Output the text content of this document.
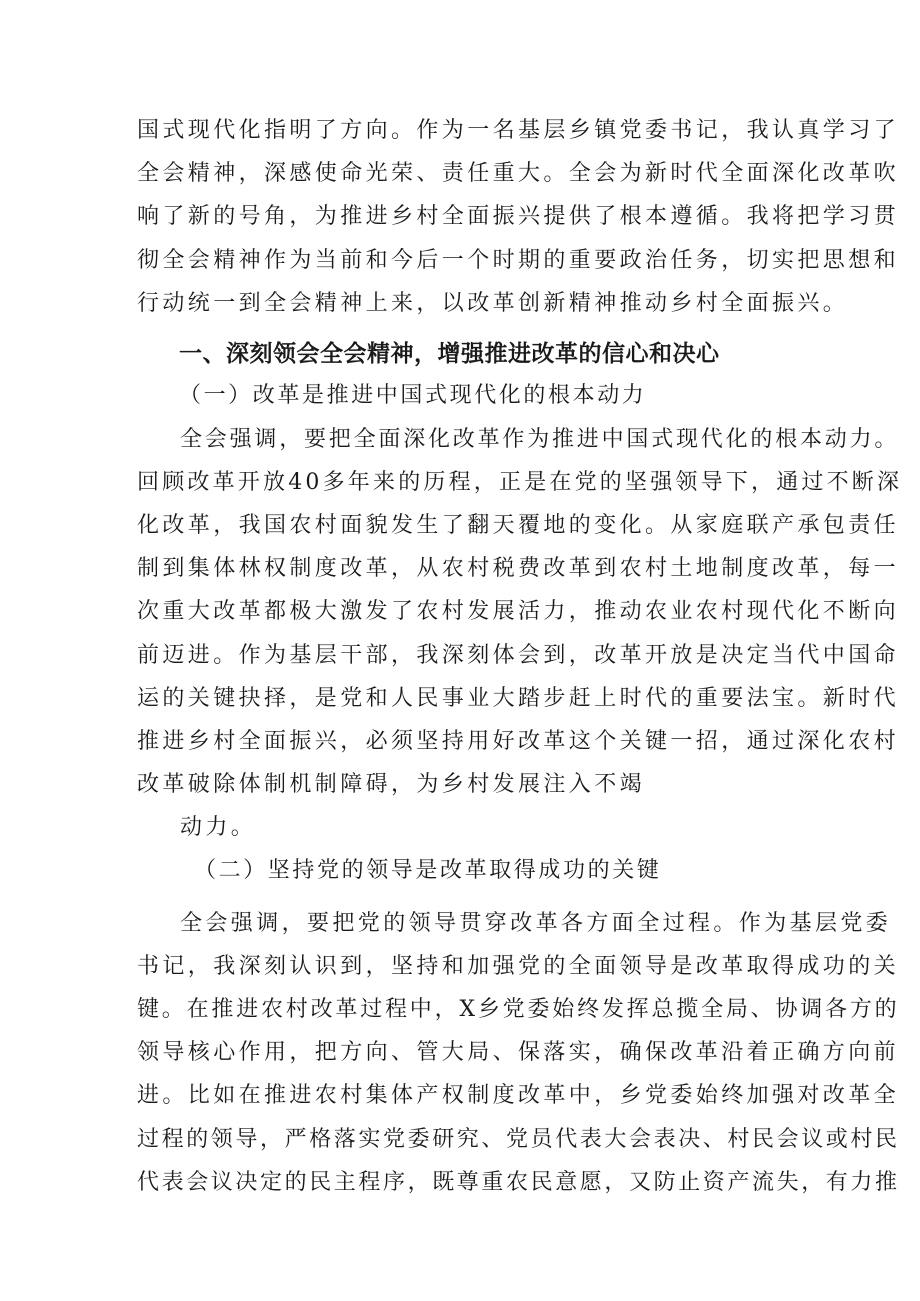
国式现代化指明了方向。作为一名基层乡镇党委书记，我认真学习了
全会精神，深感使命光荣、责任重大。全会为新时代全面深化改革吹
响了新的号角，为推进乡村全面振兴提供了根本遵循。我将把学习贯
彻全会精神作为当前和今后一个时期的重要政治任务，切实把思想和
行动统一到全会精神上来，以改革创新精神推动乡村全面振兴。
一、深刻领会全会精神，增强推进改革的信心和决心
（一）改革是推进中国式现代化的根本动力
全会强调，要把全面深化改革作为推进中国式现代化的根本动力。
回顾改革开放40多年来的历程，正是在党的坚强领导下，通过不断深
化改革，我国农村面貌发生了翻天覆地的变化。从家庭联产承包责任
制到集体林权制度改革，从农村税费改革到农村土地制度改革，每一
次重大改革都极大激发了农村发展活力，推动农业农村现代化不断向
前迈进。作为基层干部，我深刻体会到，改革开放是决定当代中国命
运的关键抉择，是党和人民事业大踏步赶上时代的重要法宝。新时代
推进乡村全面振兴，必须坚持用好改革这个关键一招，通过深化农村
改革破除体制机制障碍，为乡村发展注入不竭
动力。
（二）坚持党的领导是改革取得成功的关键
全会强调，要把党的领导贯穿改革各方面全过程。作为基层党委
书记，我深刻认识到，坚持和加强党的全面领导是改革取得成功的关
键。在推进农村改革过程中，X乡党委始终发挥总揽全局、协调各方的
领导核心作用，把方向、管大局、保落实，确保改革沿着正确方向前
进。比如在推进农村集体产权制度改革中，乡党委始终加强对改革全
过程的领导，严格落实党委研究、党员代表大会表决、村民会议或村民
代表会议决定的民主程序，既尊重农民意愿，又防止资产流失，有力推
